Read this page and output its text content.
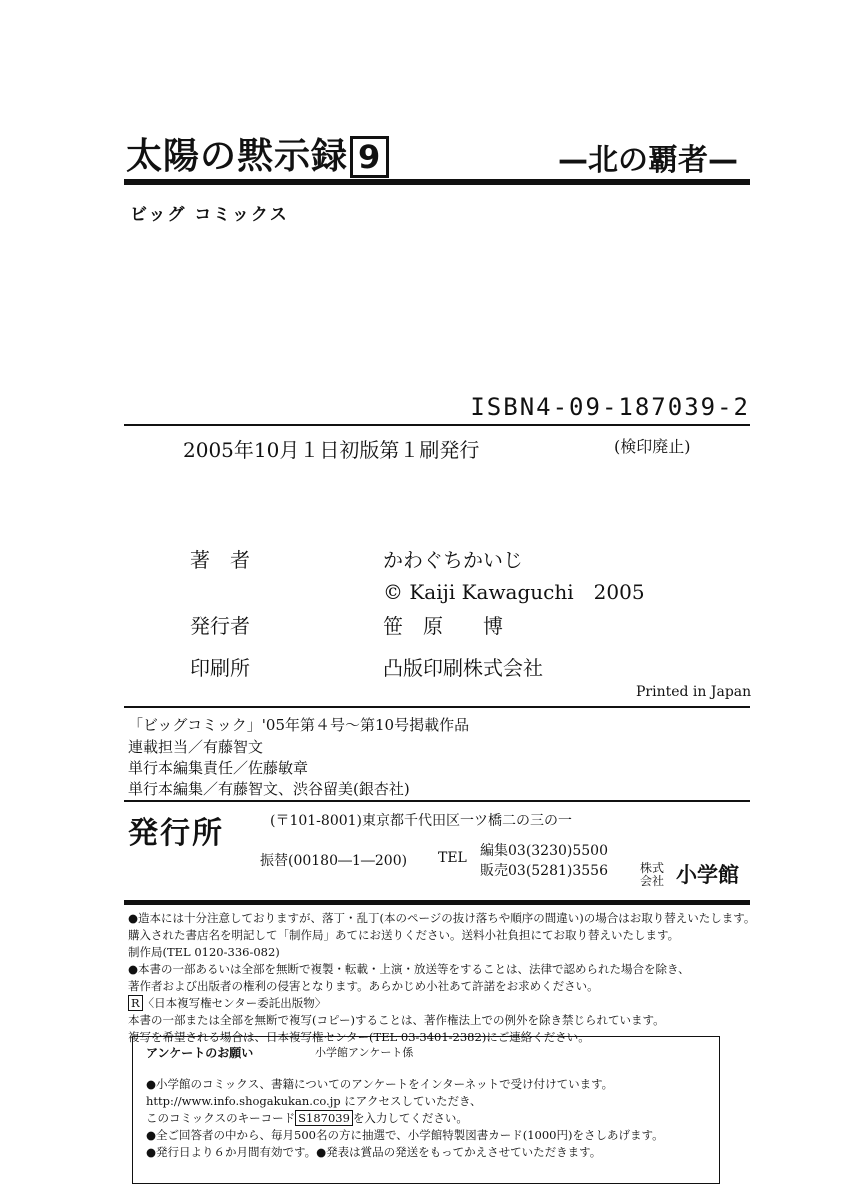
太陽の黙示録 9	—北の覇者—
ビッグ コミックス
ISBN4-09-187039-2
2005年10月１日初版第１刷発行	(検印廃止)
著　者	かわぐちかいじ
© Kaiji Kawaguchi　2005
発行者	笹　原　　博
印刷所	凸版印刷株式会社
Printed in Japan
「ビッグコミック」'05年第４号～第10号掲載作品
連載担当／有藤智文
単行本編集責任／佐藤敏章
単行本編集／有藤智文、渋谷留美(銀杏社)
発行所	(〒101-8001)東京都千代田区一ツ橋二の三の一
振替(00180―1―200) TEL 編集03(3230)5500
販売03(5281)3556	株式
会社 小学館
●造本には十分注意しておりますが、落丁・乱丁(本のページの抜け落ちや順序の間違い)の場合はお取り替えいたします。
購入された書店名を明記して「制作局」あてにお送りください。送料小社負担にてお取り替えいたします。
制作局(TEL 0120-336-082)
●本書の一部あるいは全部を無断で複製・転載・上演・放送等をすることは、法律で認められた場合を除き、
著作者および出版者の権利の侵害となります。あらかじめ小社あて許諾をお求めください。
R 〈日本複写権センター委託出版物〉
本書の一部または全部を無断で複写(コピー)することは、著作権法上での例外を除き禁じられています。
複写を希望される場合は、日本複写権センター(TEL 03-3401-2382)にご連絡ください。
アンケートのお願い	小学館アンケート係
●小学館のコミックス、書籍についてのアンケートをインターネットで受け付けています。
http://www.info.shogakukan.co.jp にアクセスしていただき、
このコミックスのキーコード S187039 を入力してください。
●全ご回答者の中から、毎月500名の方に抽選で、小学館特製図書カード(1000円)をさしあげます。
●発行日より６か月間有効です。●発表は賞品の発送をもってかえさせていただきます。
